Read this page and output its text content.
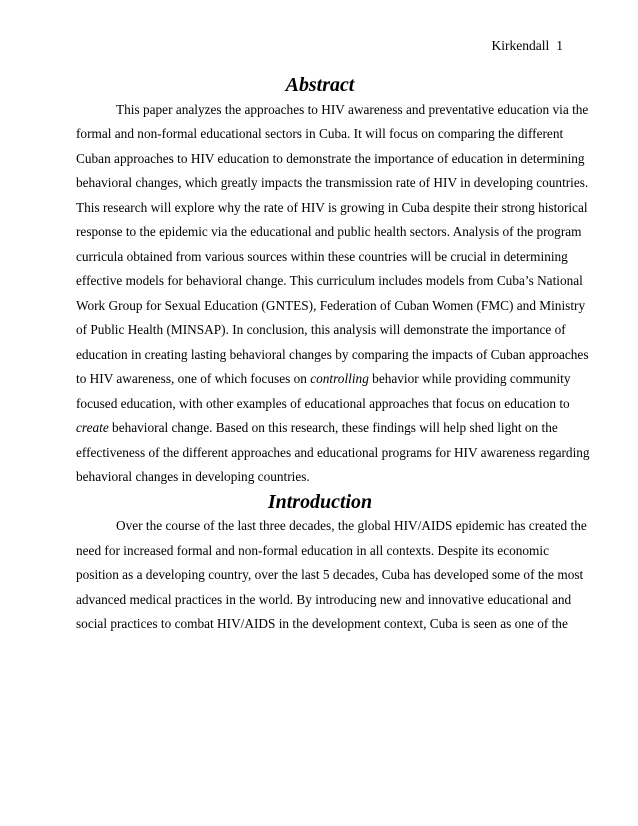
Kirkendall 1
Abstract
This paper analyzes the approaches to HIV awareness and preventative education via the
formal and non-formal educational sectors in Cuba. It will focus on comparing the different
Cuban approaches to HIV education to demonstrate the importance of education in determining
behavioral changes, which greatly impacts the transmission rate of HIV in developing countries.
This research will explore why the rate of HIV is growing in Cuba despite their strong historical
response to the epidemic via the educational and public health sectors. Analysis of the program
curricula obtained from various sources within these countries will be crucial in determining
effective models for behavioral change. This curriculum includes models from Cuba’s National
Work Group for Sexual Education (GNTES), Federation of Cuban Women (FMC) and Ministry
of Public Health (MINSAP). In conclusion, this analysis will demonstrate the importance of
education in creating lasting behavioral changes by comparing the impacts of Cuban approaches
to HIV awareness, one of which focuses on controlling behavior while providing community
focused education, with other examples of educational approaches that focus on education to
create behavioral change. Based on this research, these findings will help shed light on the
effectiveness of the different approaches and educational programs for HIV awareness regarding
behavioral changes in developing countries.
Introduction
Over the course of the last three decades, the global HIV/AIDS epidemic has created the
need for increased formal and non-formal education in all contexts. Despite its economic
position as a developing country, over the last 5 decades, Cuba has developed some of the most
advanced medical practices in the world. By introducing new and innovative educational and
social practices to combat HIV/AIDS in the development context, Cuba is seen as one of the
